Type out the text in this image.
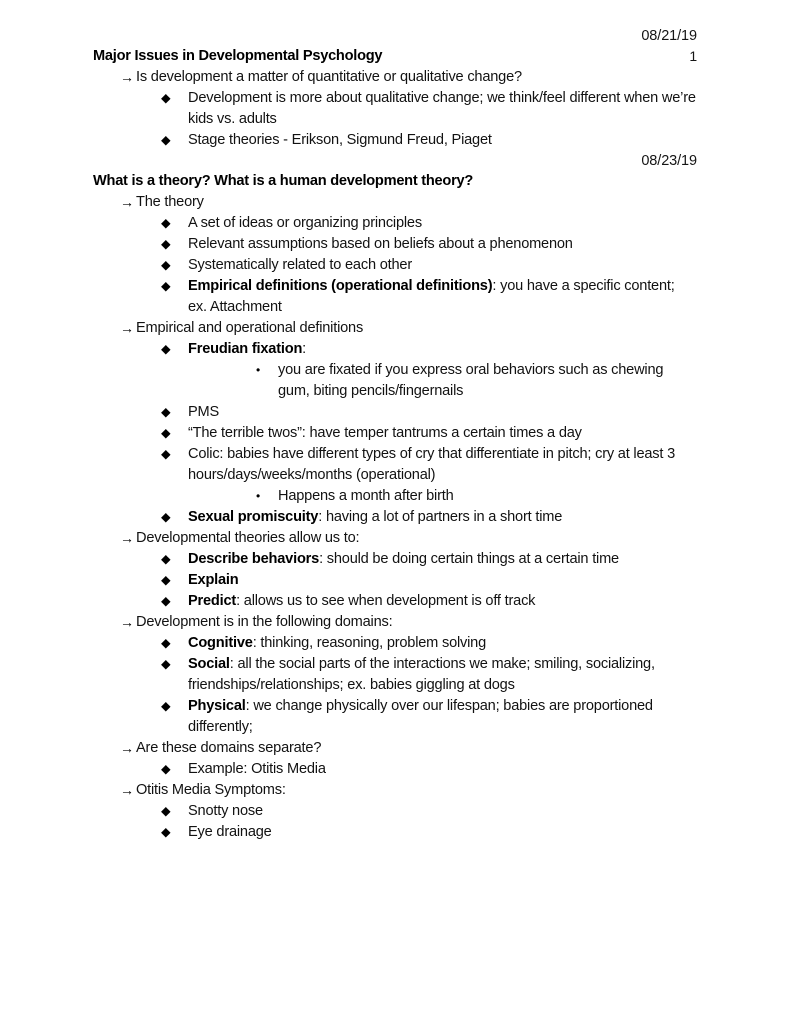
1
08/21/19
Major Issues in Developmental Psychology
→ Is development a matter of quantitative or qualitative change?
◆ Development is more about qualitative change; we think/feel different when we’re kids vs. adults
◆ Stage theories - Erikson, Sigmund Freud, Piaget
08/23/19
What is a theory? What is a human development theory?
→ The theory
◆ A set of ideas or organizing principles
◆ Relevant assumptions based on beliefs about a phenomenon
◆ Systematically related to each other
◆ Empirical definitions (operational definitions): you have a specific content; ex. Attachment
→ Empirical and operational definitions
◆ Freudian fixation:
• you are fixated if you express oral behaviors such as chewing gum, biting pencils/fingernails
◆ PMS
◆ “The terrible twos”: have temper tantrums a certain times a day
◆ Colic: babies have different types of cry that differentiate in pitch; cry at least 3 hours/days/weeks/months (operational)
• Happens a month after birth
◆ Sexual promiscuity: having a lot of partners in a short time
→ Developmental theories allow us to:
◆ Describe behaviors: should be doing certain things at a certain time
◆ Explain
◆ Predict: allows us to see when development is off track
→ Development is in the following domains:
◆ Cognitive: thinking, reasoning, problem solving
◆ Social: all the social parts of the interactions we make; smiling, socializing, friendships/relationships; ex. babies giggling at dogs
◆ Physical: we change physically over our lifespan; babies are proportioned differently;
→ Are these domains separate?
◆ Example: Otitis Media
→ Otitis Media Symptoms:
◆ Snotty nose
◆ Eye drainage
